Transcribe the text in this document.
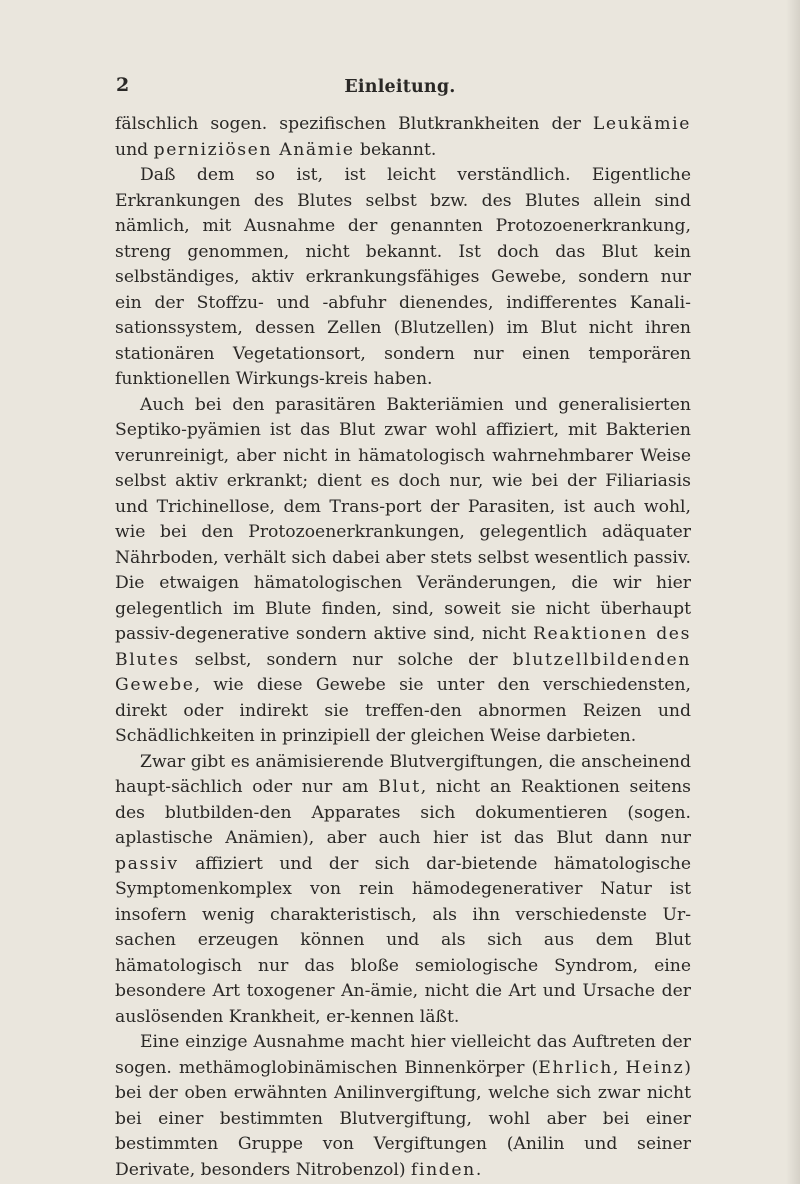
2	Einleitung.

fälschlich sogen. spezifischen Blutkrankheiten der Leukämie und perniziösen Anämie bekannt.

Daß dem so ist, ist leicht verständlich. Eigentliche Erkrankungen des Blutes selbst bzw. des Blutes allein sind nämlich, mit Ausnahme der genannten Protozoenerkrankung, streng genommen, nicht bekannt. Ist doch das Blut kein selbständiges, aktiv erkrankungsfähiges Gewebe, sondern nur ein der Stoffzu- und -abfuhr dienendes, indifferentes Kanali-sationssystem, dessen Zellen (Blutzellen) im Blut nicht ihren stationären Vegetationsort, sondern nur einen temporären funktionellen Wirkungs-kreis haben.

Auch bei den parasitären Bakteriämien und generalisierten Septiko-pyämien ist das Blut zwar wohl affiziert, mit Bakterien verunreinigt, aber nicht in hämatologisch wahrnehmbarer Weise selbst aktiv erkrankt; dient es doch nur, wie bei der Filiariasis und Trichinellose, dem Trans-port der Parasiten, ist auch wohl, wie bei den Protozoenerkrankungen, gelegentlich adäquater Nährboden, verhält sich dabei aber stets selbst wesentlich passiv. Die etwaigen hämatologischen Veränderungen, die wir hier gelegentlich im Blute finden, sind, soweit sie nicht überhaupt passiv-degenerative sondern aktive sind, nicht Reaktionen des Blutes selbst, sondern nur solche der blutzellbildenden Gewebe, wie diese Gewebe sie unter den verschiedensten, direkt oder indirekt sie treffen-den abnormen Reizen und Schädlichkeiten in prinzipiell der gleichen Weise darbieten.

Zwar gibt es anämisierende Blutvergiftungen, die anscheinend haupt-sächlich oder nur am Blut, nicht an Reaktionen seitens des blutbilden-den Apparates sich dokumentieren (sogen. aplastische Anämien), aber auch hier ist das Blut dann nur passiv affiziert und der sich dar-bietende hämatologische Symptomenkomplex von rein hämodegenerativer Natur ist insofern wenig charakteristisch, als ihn verschiedenste Ur-sachen erzeugen können und als sich aus dem Blut hämatologisch nur das bloße semiologische Syndrom, eine besondere Art toxogener An-ämie, nicht die Art und Ursache der auslösenden Krankheit, er-kennen läßt.

Eine einzige Ausnahme macht hier vielleicht das Auftreten der sogen. methämoglobinämischen Binnenkörper (Ehrlich, Heinz) bei der oben erwähnten Anilinvergiftung, welche sich zwar nicht bei einer bestimmten Blutvergiftung, wohl aber bei einer bestimmten Gruppe von Vergiftungen (Anilin und seiner Derivate, besonders Nitrobenzol) finden.
